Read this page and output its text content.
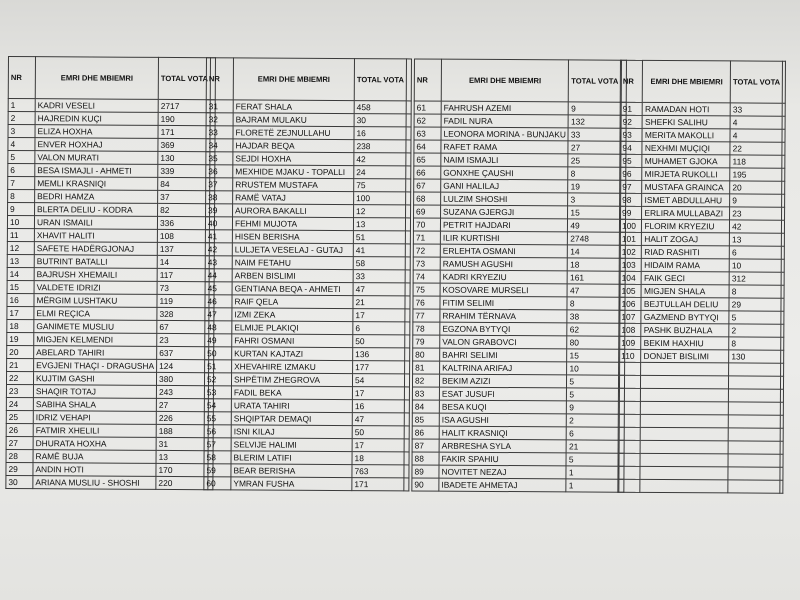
NR	EMRI DHE MBIEMRI	TOTAL VOTA	
1	KADRI VESELI	2717	
2	HAJREDIN KUÇI	190	
3	ELIZA HOXHA	171	
4	ENVER HOXHAJ	369	
5	VALON MURATI	130	
6	BESA ISMAJLI - AHMETI	339	
7	MEMLI KRASNIQI	84	
8	BEDRI HAMZA	37	
9	BLERTA DELIU - KODRA	82	
10	URAN ISMAILI	336	
11	XHAVIT HALITI	108	
12	SAFETE HADËRGJONAJ	137	
13	BUTRINT BATALLI	14	
14	BAJRUSH XHEMAILI	117	
15	VALDETE IDRIZI	73	
16	MËRGIM LUSHTAKU	119	
17	ELMI REÇICA	328	
18	GANIMETE MUSLIU	67	
19	MIGJEN KELMENDI	23	
20	ABELARD TAHIRI	637	
21	EVGJENI THAÇI - DRAGUSHA	124	
22	KUJTIM GASHI	380	
23	SHAQIR TOTAJ	243	
24	SABIHA SHALA	27	
25	IDRIZ VEHAPI	226	
26	FATMIR XHELILI	188	
27	DHURATA HOXHA	31	
28	RAMË BUJA	13	
29	ANDIN HOTI	170	
30	ARIANA MUSLIU - SHOSHI	220	
NR	EMRI DHE MBIEMRI	TOTAL VOTA	
31	FERAT SHALA	458	
32	BAJRAM MULAKU	30	
33	FLORETË ZEJNULLAHU	16	
34	HAJDAR BEQA	238	
35	SEJDI HOXHA	42	
36	MEXHIDE MJAKU - TOPALLI	24	
37	RRUSTEM MUSTAFA	75	
38	RAMË VATAJ	100	
39	AURORA BAKALLI	12	
40	FEHMI MUJOTA	13	
41	HISEN BERISHA	51	
42	LULJETA VESELAJ - GUTAJ	41	
43	NAIM FETAHU	58	
44	ARBEN BISLIMI	33	
45	GENTIANA BEQA - AHMETI	47	
46	RAIF QELA	21	
47	IZMI ZEKA	17	
48	ELMIJE PLAKIQI	6	
49	FAHRI OSMANI	50	
50	KURTAN KAJTAZI	136	
51	XHEVAHIRE IZMAKU	177	
52	SHPËTIM ZHEGROVA	54	
53	FADIL BEKA	17	
54	URATA TAHIRI	16	
55	SHQIPTAR DEMAQI	47	
56	ISNI KILAJ	50	
57	SELVIJE HALIMI	17	
58	BLERIM LATIFI	18	
59	BEAR BERISHA	763	
60	YMRAN FUSHA	171	
NR	EMRI DHE MBIEMRI	TOTAL VOTA	
61	FAHRUSH AZEMI	9	
62	FADIL NURA	132	
63	LEONORA MORINA - BUNJAKU	33	
64	RAFET RAMA	27	
65	NAIM ISMAJLI	25	
66	GONXHE ÇAUSHI	8	
67	GANI HALILAJ	19	
68	LULZIM SHOSHI	3	
69	SUZANA GJERGJI	15	
70	PETRIT HAJDARI	49	
71	ILIR KURTISHI	2748	
72	ERLEHTA OSMANI	14	
73	RAMUSH AGUSHI	18	
74	KADRI KRYEZIU	161	
75	KOSOVARE MURSELI	47	
76	FITIM SELIMI	8	
77	RRAHIM TËRNAVA	38	
78	EGZONA BYTYQI	62	
79	VALON GRABOVCI	80	
80	BAHRI SELIMI	15	
81	KALTRINA ARIFAJ	10	
82	BEKIM AZIZI	5	
83	ESAT JUSUFI	5	
84	BESA KUQI	9	
85	ISA AGUSHI	2	
86	HALIT KRASNIQI	6	
87	ARBRESHA SYLA	21	
88	FAKIR SPAHIU	5	
89	NOVITET NEZAJ	1	
90	IBADETE AHMETAJ	1	
NR	EMRI DHE MBIEMRI	TOTAL VOTA	
91	RAMADAN HOTI	33	
92	SHEFKI SALIHU	4	
93	MERITA MAKOLLI	4	
94	NEXHMI MUÇIQI	22	
95	MUHAMET GJOKA	118	
96	MIRJETA RUKOLLI	195	
97	MUSTAFA GRAINCA	20	
98	ISMET ABDULLAHU	9	
99	ERLIRA MULLABAZI	23	
100	FLORIM KRYEZIU	42	
101	HALIT ZOGAJ	13	
102	RIAD RASHITI	6	
103	HIDAIM RAMA	10	
104	FAIK GECI	312	
105	MIGJEN SHALA	8	
106	BEJTULLAH DELIU	29	
107	GAZMEND BYTYQI	5	
108	PASHK BUZHALA	2	
109	BEKIM HAXHIU	8	
110	DONJET BISLIMI	130	
